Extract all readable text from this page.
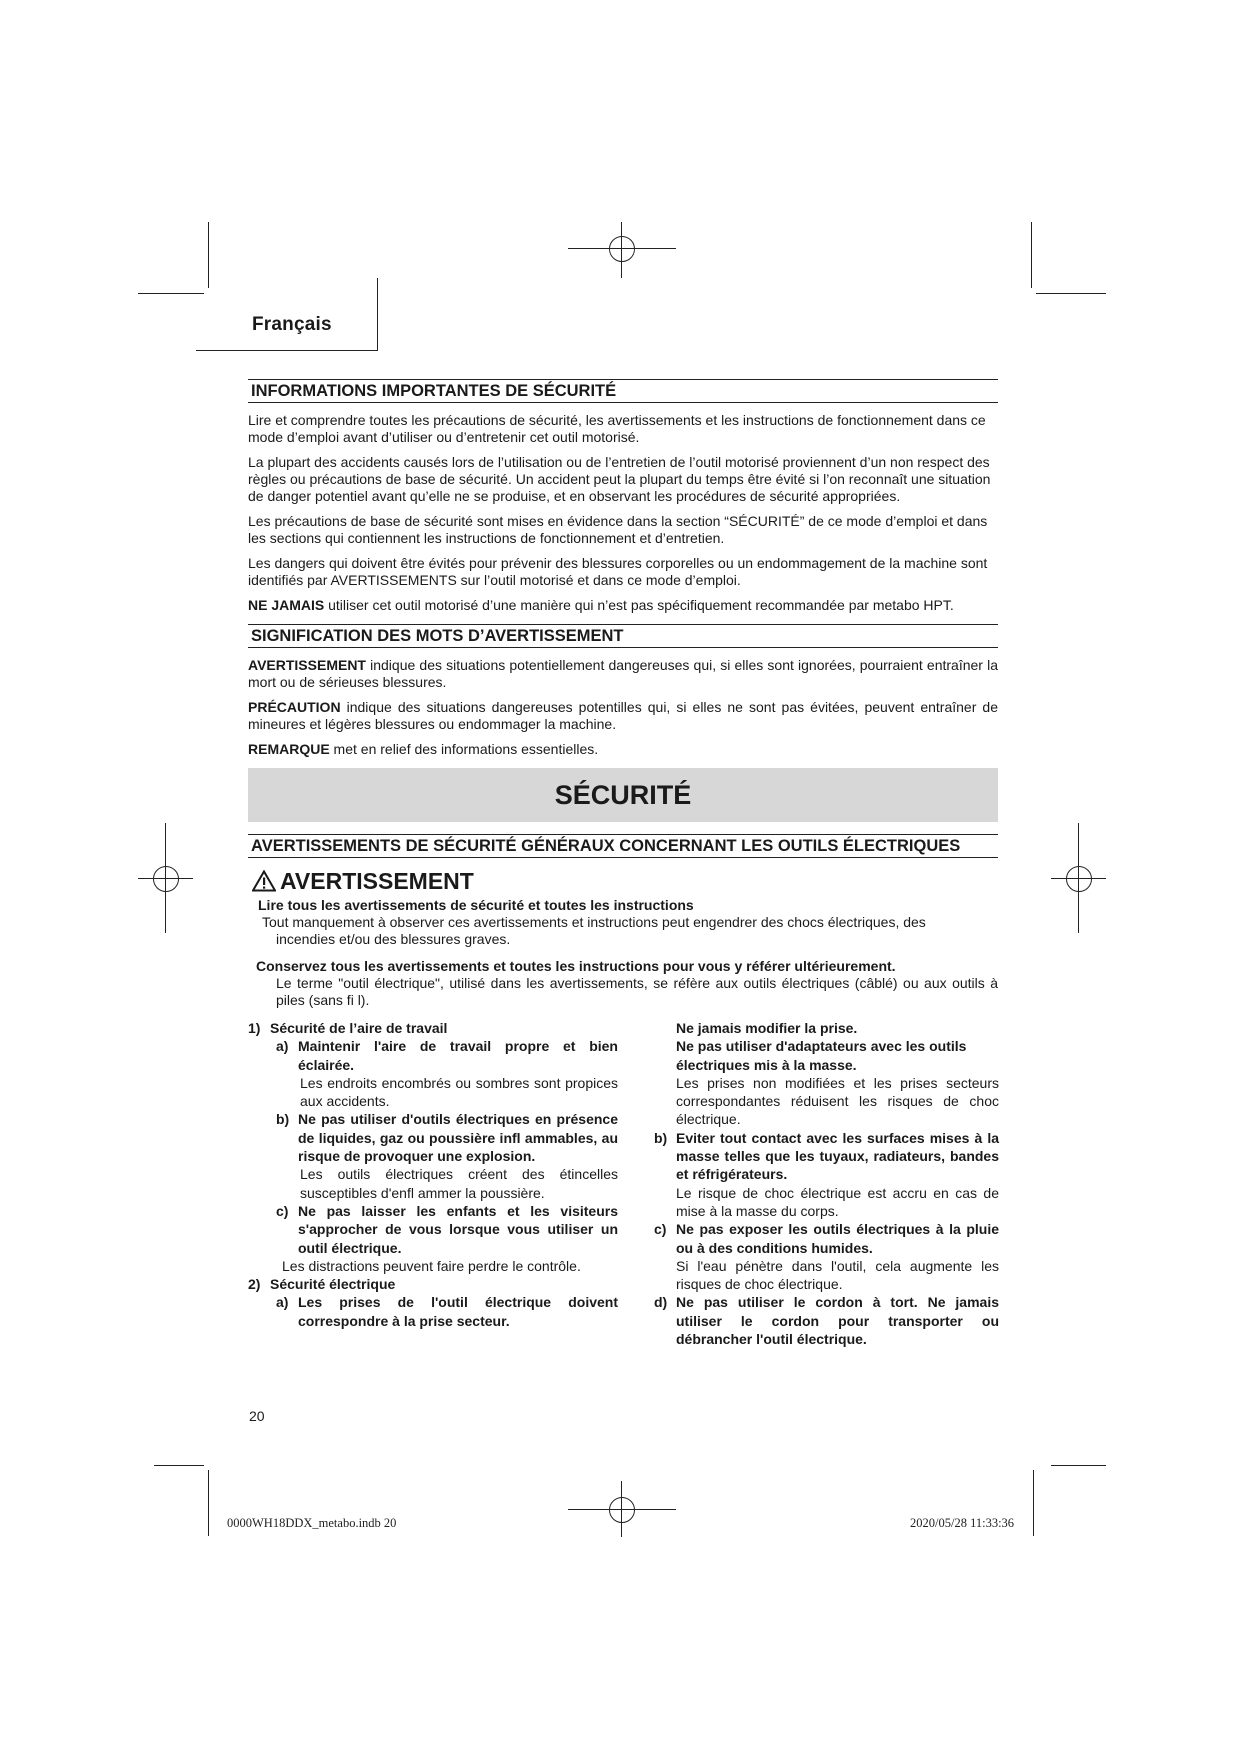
Français
INFORMATIONS IMPORTANTES DE SÉCURITÉ

Lire et comprendre toutes les précautions de sécurité, les avertissements et les instructions de fonctionnement dans ce mode d’emploi avant d’utiliser ou d’entretenir cet outil motorisé.

La plupart des accidents causés lors de l’utilisation ou de l’entretien de l’outil motorisé proviennent d’un non respect des règles ou précautions de base de sécurité. Un accident peut la plupart du temps être évité si l’on reconnaît une situation de danger potentiel avant qu’elle ne se produise, et en observant les procédures de sécurité appropriées.

Les précautions de base de sécurité sont mises en évidence dans la section “SÉCURITÉ” de ce mode d’emploi et dans les sections qui contiennent les instructions de fonctionnement et d’entretien.

Les dangers qui doivent être évités pour prévenir des blessures corporelles ou un endommagement de la machine sont identifiés par AVERTISSEMENTS sur l’outil motorisé et dans ce mode d’emploi.

NE JAMAIS utiliser cet outil motorisé d’une manière qui n’est pas spécifiquement recommandée par metabo HPT.

SIGNIFICATION DES MOTS D’AVERTISSEMENT

AVERTISSEMENT indique des situations potentiellement dangereuses qui, si elles sont ignorées, pourraient entraîner la mort ou de sérieuses blessures.

PRÉCAUTION indique des situations dangereuses potentilles qui, si elles ne sont pas évitées, peuvent entraîner de mineures et légères blessures ou endommager la machine.

REMARQUE met en relief des informations essentielles.

SÉCURITÉ
AVERTISSEMENTS DE SÉCURITÉ GÉNÉRAUX CONCERNANT LES OUTILS ÉLECTRIQUES
AVERTISSEMENT
Lire tous les avertissements de sécurité et toutes les instructions
Tout manquement à observer ces avertissements et instructions peut engendrer des chocs électriques, des
incendies et/ou des blessures graves.
Conservez tous les avertissements et toutes les instructions pour vous y référer ultérieurement.
Le terme "outil électrique", utilisé dans les avertissements, se réfère aux outils électriques (câblé) ou aux outils à piles (sans fi l).
1) Sécurité de l’aire de travail
a) Maintenir l'aire de travail propre et bien éclairée.
Les endroits encombrés ou sombres sont propices aux accidents.
b) Ne pas utiliser d'outils électriques en présence de liquides, gaz ou poussière infl ammables, au risque de provoquer une explosion.
Les outils électriques créent des étincelles susceptibles d'enfl ammer la poussière.
c) Ne pas laisser les enfants et les visiteurs s'approcher de vous lorsque vous utiliser un outil électrique.
Les distractions peuvent faire perdre le contrôle.
2) Sécurité électrique
a) Les prises de l'outil électrique doivent correspondre à la prise secteur.
Ne jamais modifier la prise.
Ne pas utiliser d'adaptateurs avec les outils électriques mis à la masse.
Les prises non modifiées et les prises secteurs correspondantes réduisent les risques de choc électrique.
b) Eviter tout contact avec les surfaces mises à la masse telles que les tuyaux, radiateurs, bandes et réfrigérateurs.
Le risque de choc électrique est accru en cas de mise à la masse du corps.
c) Ne pas exposer les outils électriques à la pluie ou à des conditions humides.
Si l'eau pénètre dans l'outil, cela augmente les risques de choc électrique.
d) Ne pas utiliser le cordon à tort. Ne jamais utiliser le cordon pour transporter ou débrancher l'outil électrique.
20
0000WH18DDX_metabo.indb 20	2020/05/28 11:33:36
